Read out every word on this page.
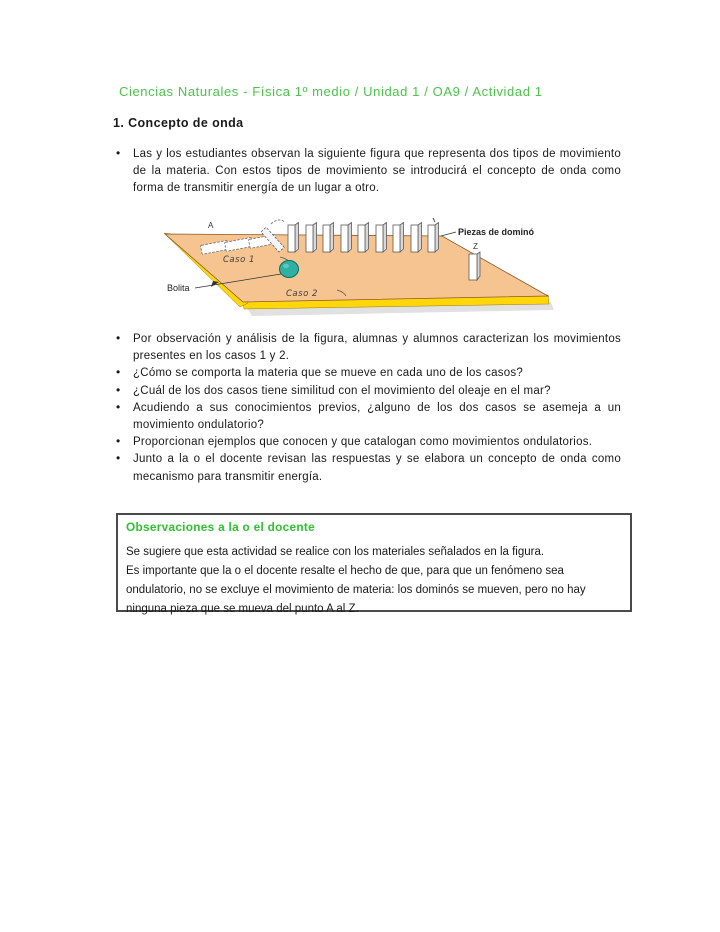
Ciencias Naturales - Física 1º medio / Unidad 1 / OA9 / Actividad 1
1. Concepto de onda
• Las y los estudiantes observan la siguiente figura que representa dos tipos de movimiento de la materia. Con estos tipos de movimiento se introducirá el concepto de onda como forma de transmitir energía de un lugar a otro.
Piezas de dominó
A
Z
Caso 1
Caso 2
Bolita
• Por observación y análisis de la figura, alumnas y alumnos caracterizan los movimientos presentes en los casos 1 y 2.
• ¿Cómo se comporta la materia que se mueve en cada uno de los casos?
• ¿Cuál de los dos casos tiene similitud con el movimiento del oleaje en el mar?
• Acudiendo a sus conocimientos previos, ¿alguno de los dos casos se asemeja a un movimiento ondulatorio?
• Proporcionan ejemplos que conocen y que catalogan como movimientos ondulatorios.
• Junto a la o el docente revisan las respuestas y se elabora un concepto de onda como mecanismo para transmitir energía.

Observaciones a la o el docente

Se sugiere que esta actividad se realice con los materiales señalados en la figura.

Es importante que la o el docente resalte el hecho de que, para que un fenómeno sea ondulatorio, no se excluye el movimiento de materia: los dominós se mueven, pero no hay ninguna pieza que se mueva del punto A al Z.
